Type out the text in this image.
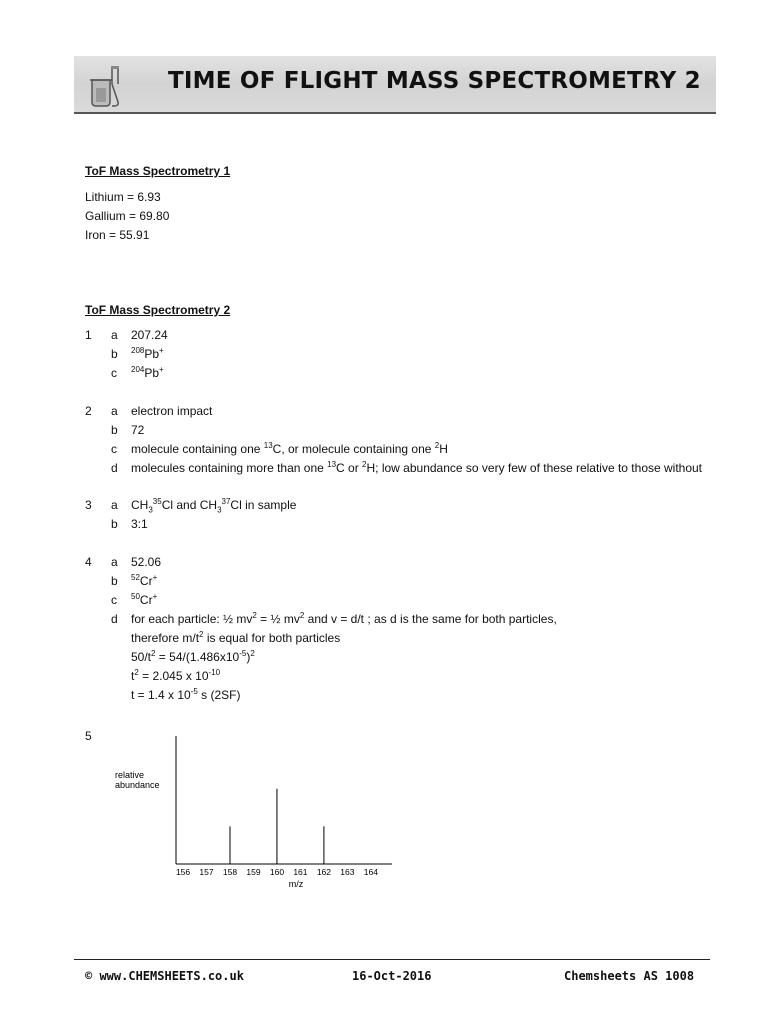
TIME OF FLIGHT MASS SPECTROMETRY 2
ToF Mass Spectrometry 1
Lithium = 6.93
Gallium = 69.80
Iron = 55.91
ToF Mass Spectrometry 2
1 a 207.24
b $^{208}$Pb+
c $^{204}$Pb+
2 a electron impact
b 72
c molecule containing one $^{13}$C, or molecule containing one $^2$H
d molecules containing more than one $^{13}$C or $^2$H; low abundance so very few of these relative to those without
3 a $CH_3^{35}Cl$ and $CH_3^{37}Cl$ in sample
b 3:1
4 a 52.06
b $^{52}$Cr+
c $^{50}$Cr+
d for each particle: ½ $mv^2$ = ½ $mv^2$ and v = d/t ; as d is the same for both particles,
therefore $m/t^2$ is equal for both particles
$50/t^2 = 54/(1.486x10^{-5})^2$
$t^2 = 2.045$ x $10^{-10}$
t = 1.4 x $10^{-5}$ s (2SF)
5
relative
abundance
156 157 158 159 160 161 162 163 164
m/z
© www.CHEMSHEETS.co.uk	16-Oct-2016	Chemsheets AS 1008
